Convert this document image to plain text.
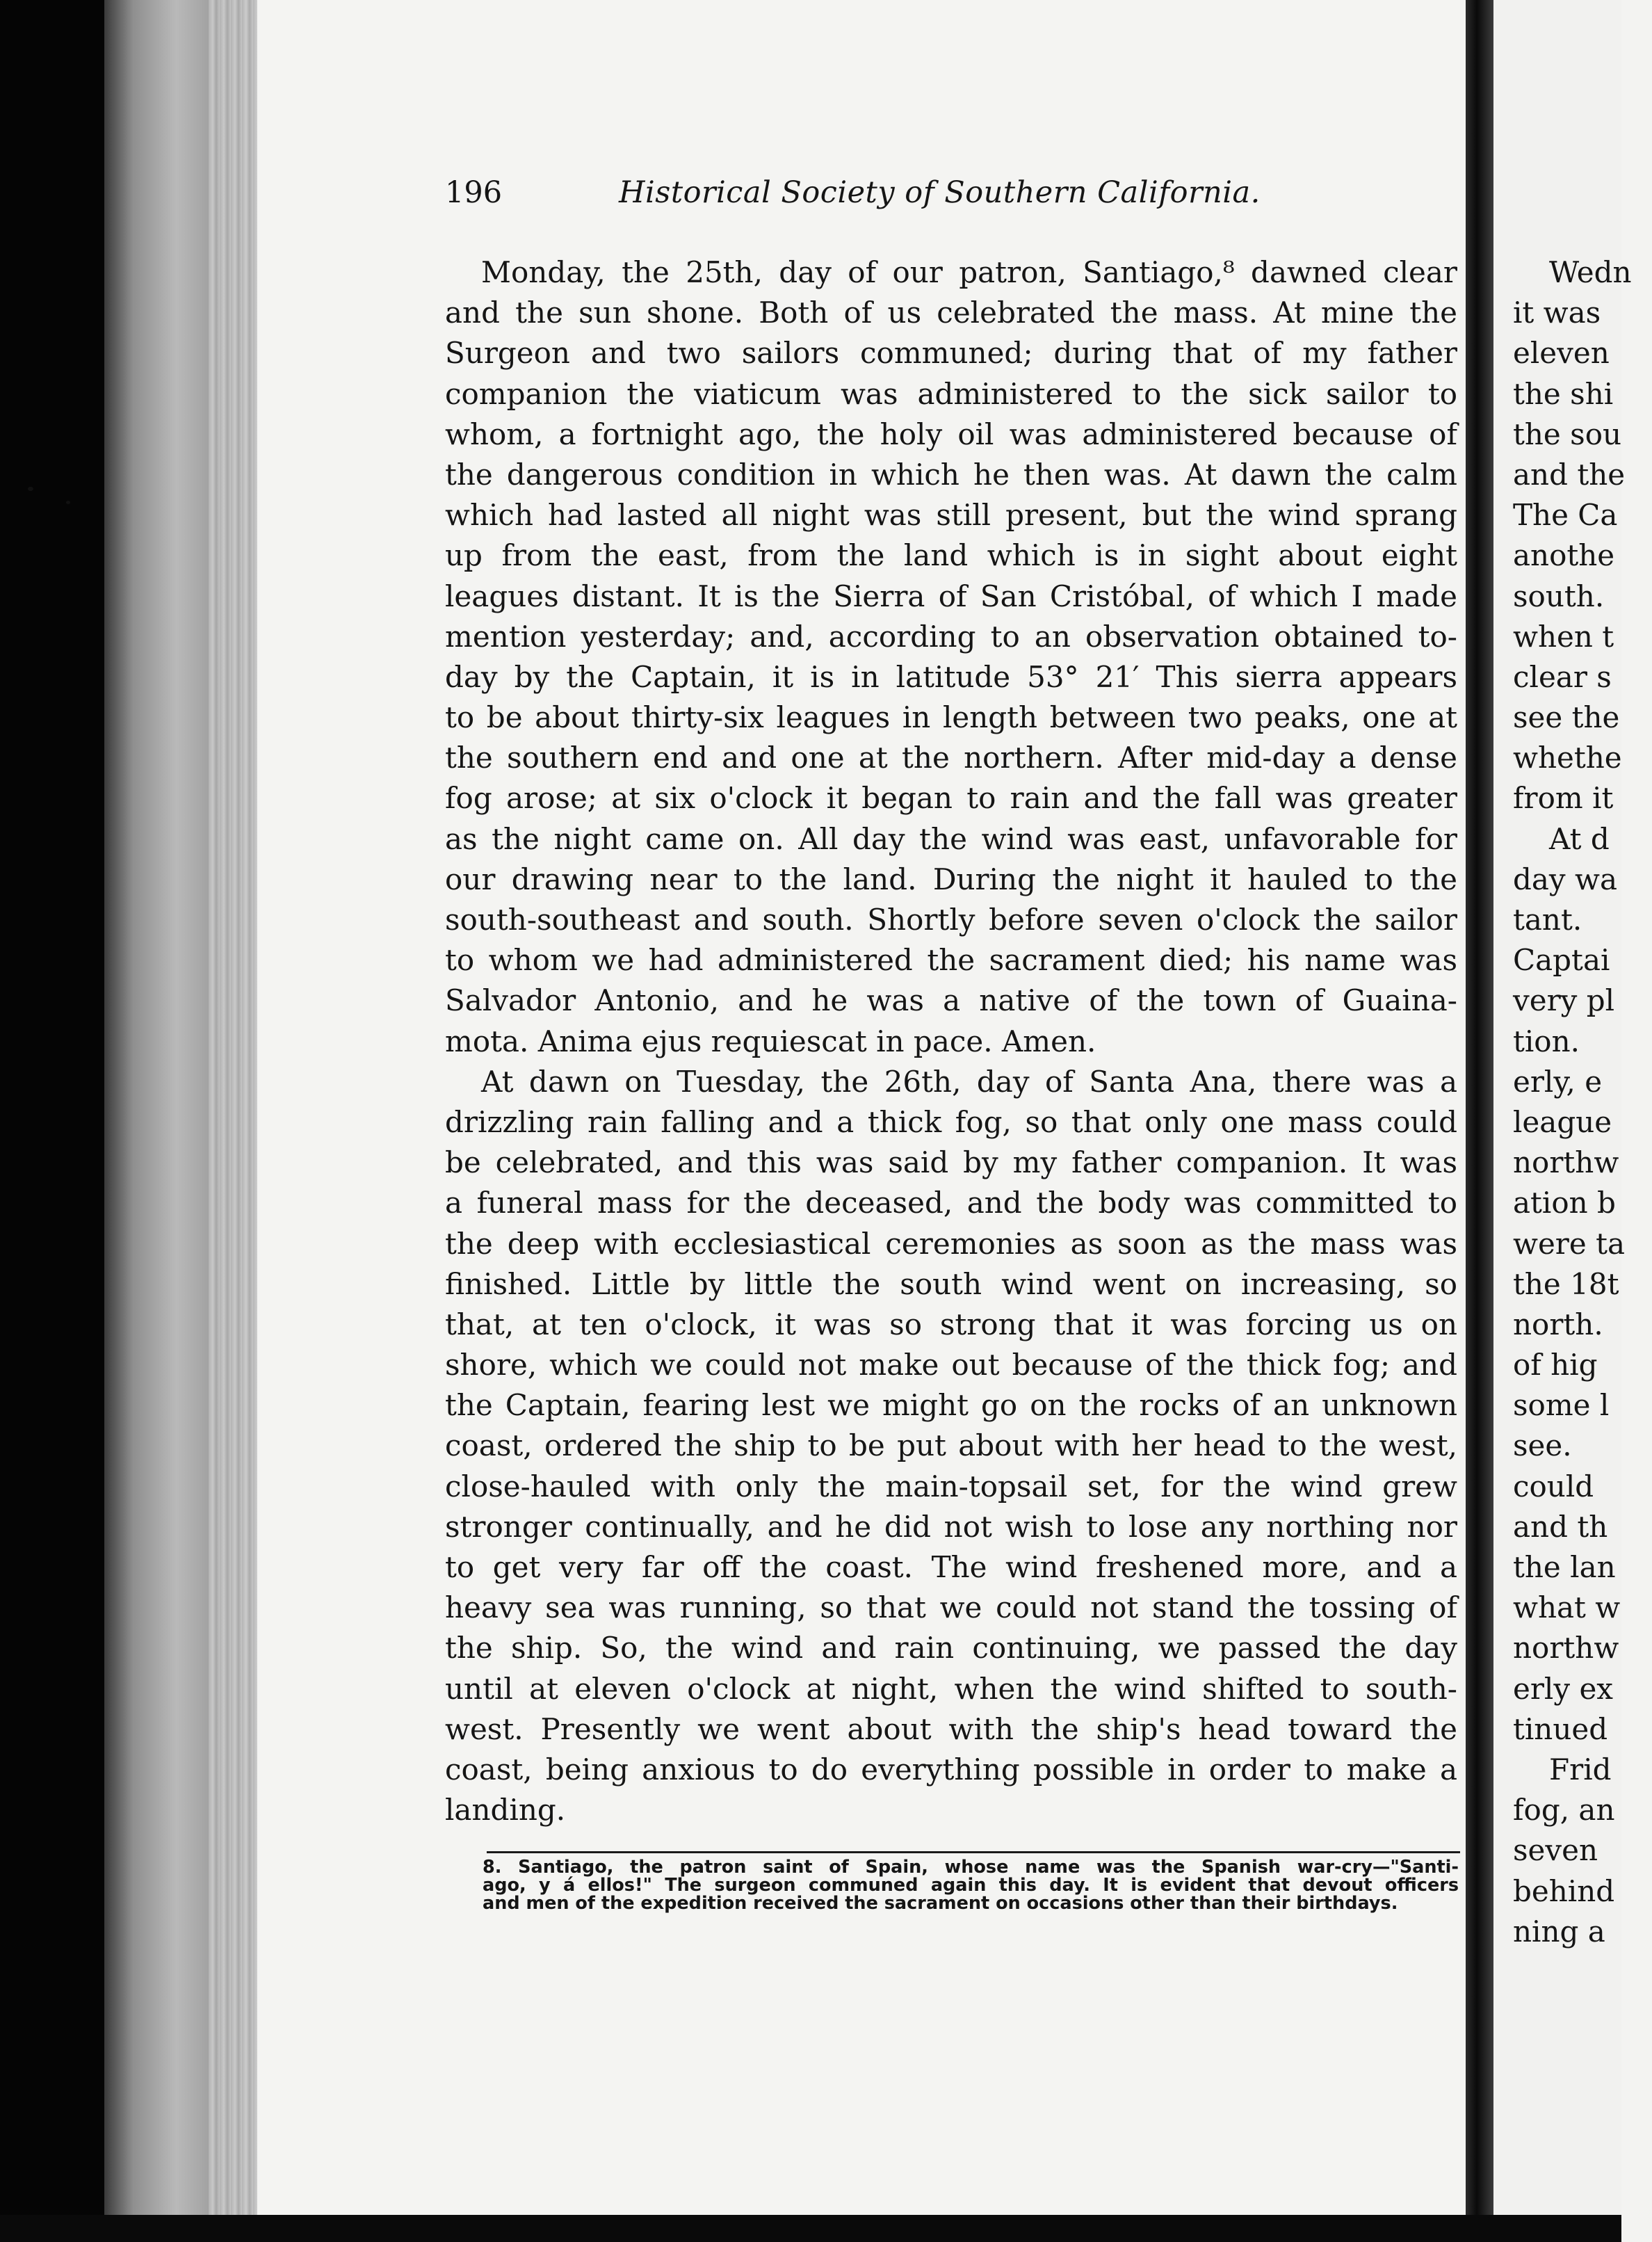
196	Historical Society of Southern California.
Monday, the 25th, day of our patron, Santiago,⁸ dawned clear
and the sun shone. Both of us celebrated the mass. At mine the
Surgeon and two sailors communed; during that of my father
companion the viaticum was administered to the sick sailor to
whom, a fortnight ago, the holy oil was administered because of
the dangerous condition in which he then was. At dawn the calm
which had lasted all night was still present, but the wind sprang
up from the east, from the land which is in sight about eight
leagues distant. It is the Sierra of San Cristóbal, of which I made
mention yesterday; and, according to an observation obtained to-
day by the Captain, it is in latitude 53° 21′ This sierra appears
to be about thirty-six leagues in length between two peaks, one at
the southern end and one at the northern. After mid-day a dense
fog arose; at six o'clock it began to rain and the fall was greater
as the night came on. All day the wind was east, unfavorable for
our drawing near to the land. During the night it hauled to the
south-southeast and south. Shortly before seven o'clock the sailor
to whom we had administered the sacrament died; his name was
Salvador Antonio, and he was a native of the town of Guaina-
mota. Anima ejus requiescat in pace. Amen.
At dawn on Tuesday, the 26th, day of Santa Ana, there was a
drizzling rain falling and a thick fog, so that only one mass could
be celebrated, and this was said by my father companion. It was
a funeral mass for the deceased, and the body was committed to
the deep with ecclesiastical ceremonies as soon as the mass was
finished. Little by little the south wind went on increasing, so
that, at ten o'clock, it was so strong that it was forcing us on
shore, which we could not make out because of the thick fog; and
the Captain, fearing lest we might go on the rocks of an unknown
coast, ordered the ship to be put about with her head to the west,
close-hauled with only the main-topsail set, for the wind grew
stronger continually, and he did not wish to lose any northing nor
to get very far off the coast. The wind freshened more, and a
heavy sea was running, so that we could not stand the tossing of
the ship. So, the wind and rain continuing, we passed the day
until at eleven o'clock at night, when the wind shifted to south-
west. Presently we went about with the ship's head toward the
coast, being anxious to do everything possible in order to make a
landing.
8. Santiago, the patron saint of Spain, whose name was the Spanish war-cry—"Santi-
ago, y á ellos!" The surgeon communed again this day. It is evident that devout officers
and men of the expedition received the sacrament on occasions other than their birthdays.
Wedn
it was
eleven
the shi
the sou
and the
The Ca
anothe
south.
when t
clear s
see the
whethe
from it
At d
day wa
tant.
Captai
very pl
tion.
erly, e
league
northw
ation b
were ta
the 18t
north.
of hig
some l
see.
could
and th
the lan
what w
northw
erly ex
tinued
Frid
fog, an
seven
behind
ning a
